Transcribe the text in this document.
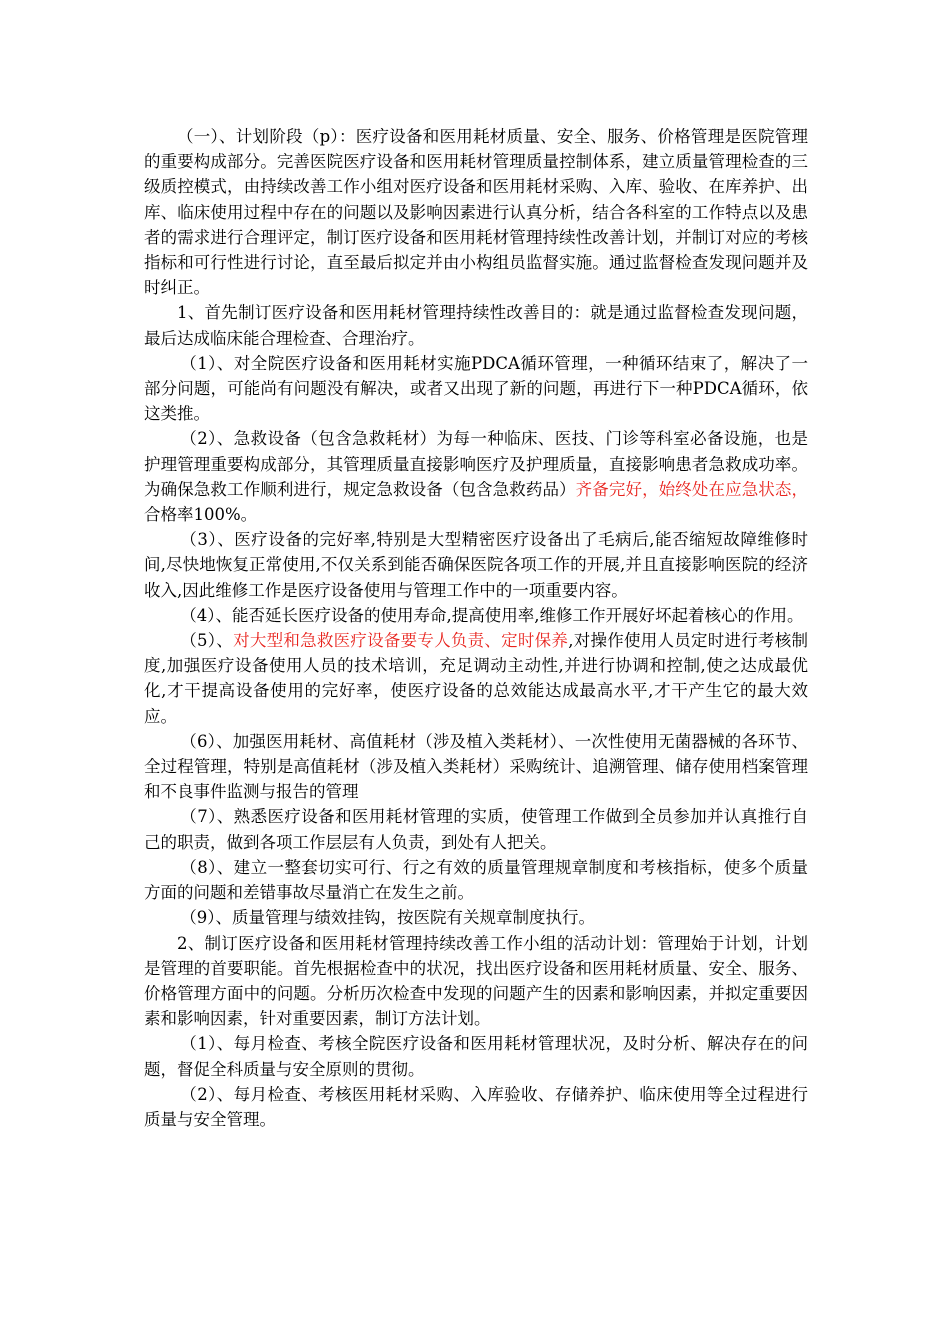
（一）、计划阶段（p）：医疗设备和医用耗材质量、安全、服务、价格管理是医院管理的重要构成部分。完善医院医疗设备和医用耗材管理质量控制体系，建立质量管理检查的三级质控模式，由持续改善工作小组对医疗设备和医用耗材采购、入库、验收、在库养护、出库、临床使用过程中存在的问题以及影响因素进行认真分析，结合各科室的工作特点以及患者的需求进行合理评定，制订医疗设备和医用耗材管理持续性改善计划，并制订对应的考核指标和可行性进行讨论，直至最后拟定并由小构组员监督实施。通过监督检查发现问题并及时纠正。

1、首先制订医疗设备和医用耗材管理持续性改善目的：就是通过监督检查发现问题，最后达成临床能合理检查、合理治疗。

（1）、对全院医疗设备和医用耗材实施PDCA循环管理，一种循环结束了，解决了一部分问题，可能尚有问题没有解决，或者又出现了新的问题，再进行下一种PDCA循环，依这类推。

（2）、急救设备（包含急救耗材）为每一种临床、医技、门诊等科室必备设施，也是护理管理重要构成部分，其管理质量直接影响医疗及护理质量，直接影响患者急救成功率。为确保急救工作顺利进行，规定急救设备（包含急救药品）齐备完好，始终处在应急状态，合格率100%。

（3）、医疗设备的完好率,特别是大型精密医疗设备出了毛病后,能否缩短故障维修时间,尽快地恢复正常使用,不仅关系到能否确保医院各项工作的开展,并且直接影响医院的经济收入,因此维修工作是医疗设备使用与管理工作中的一项重要内容。

（4）、能否延长医疗设备的使用寿命,提高使用率,维修工作开展好坏起着核心的作用。

（5）、对大型和急救医疗设备要专人负责、定时保养,对操作使用人员定时进行考核制度,加强医疗设备使用人员的技术培训，充足调动主动性,并进行协调和控制,使之达成最优化,才干提高设备使用的完好率，使医疗设备的总效能达成最高水平,才干产生它的最大效应。

（6）、加强医用耗材、高值耗材（涉及植入类耗材）、一次性使用无菌器械的各环节、全过程管理，特别是高值耗材（涉及植入类耗材）采购统计、追溯管理、储存使用档案管理和不良事件监测与报告的管理

（7）、熟悉医疗设备和医用耗材管理的实质，使管理工作做到全员参加并认真推行自己的职责，做到各项工作层层有人负责，到处有人把关。

（8）、建立一整套切实可行、行之有效的质量管理规章制度和考核指标，使多个质量方面的问题和差错事故尽量消亡在发生之前。

（9）、质量管理与绩效挂钩，按医院有关规章制度执行。

2、制订医疗设备和医用耗材管理持续改善工作小组的活动计划：管理始于计划，计划是管理的首要职能。首先根据检查中的状况，找出医疗设备和医用耗材质量、安全、服务、价格管理方面中的问题。分析历次检查中发现的问题产生的因素和影响因素，并拟定重要因素和影响因素，针对重要因素，制订方法计划。

（1）、每月检查、考核全院医疗设备和医用耗材管理状况，及时分析、解决存在的问题，督促全科质量与安全原则的贯彻。

（2）、每月检查、考核医用耗材采购、入库验收、存储养护、临床使用等全过程进行质量与安全管理。
